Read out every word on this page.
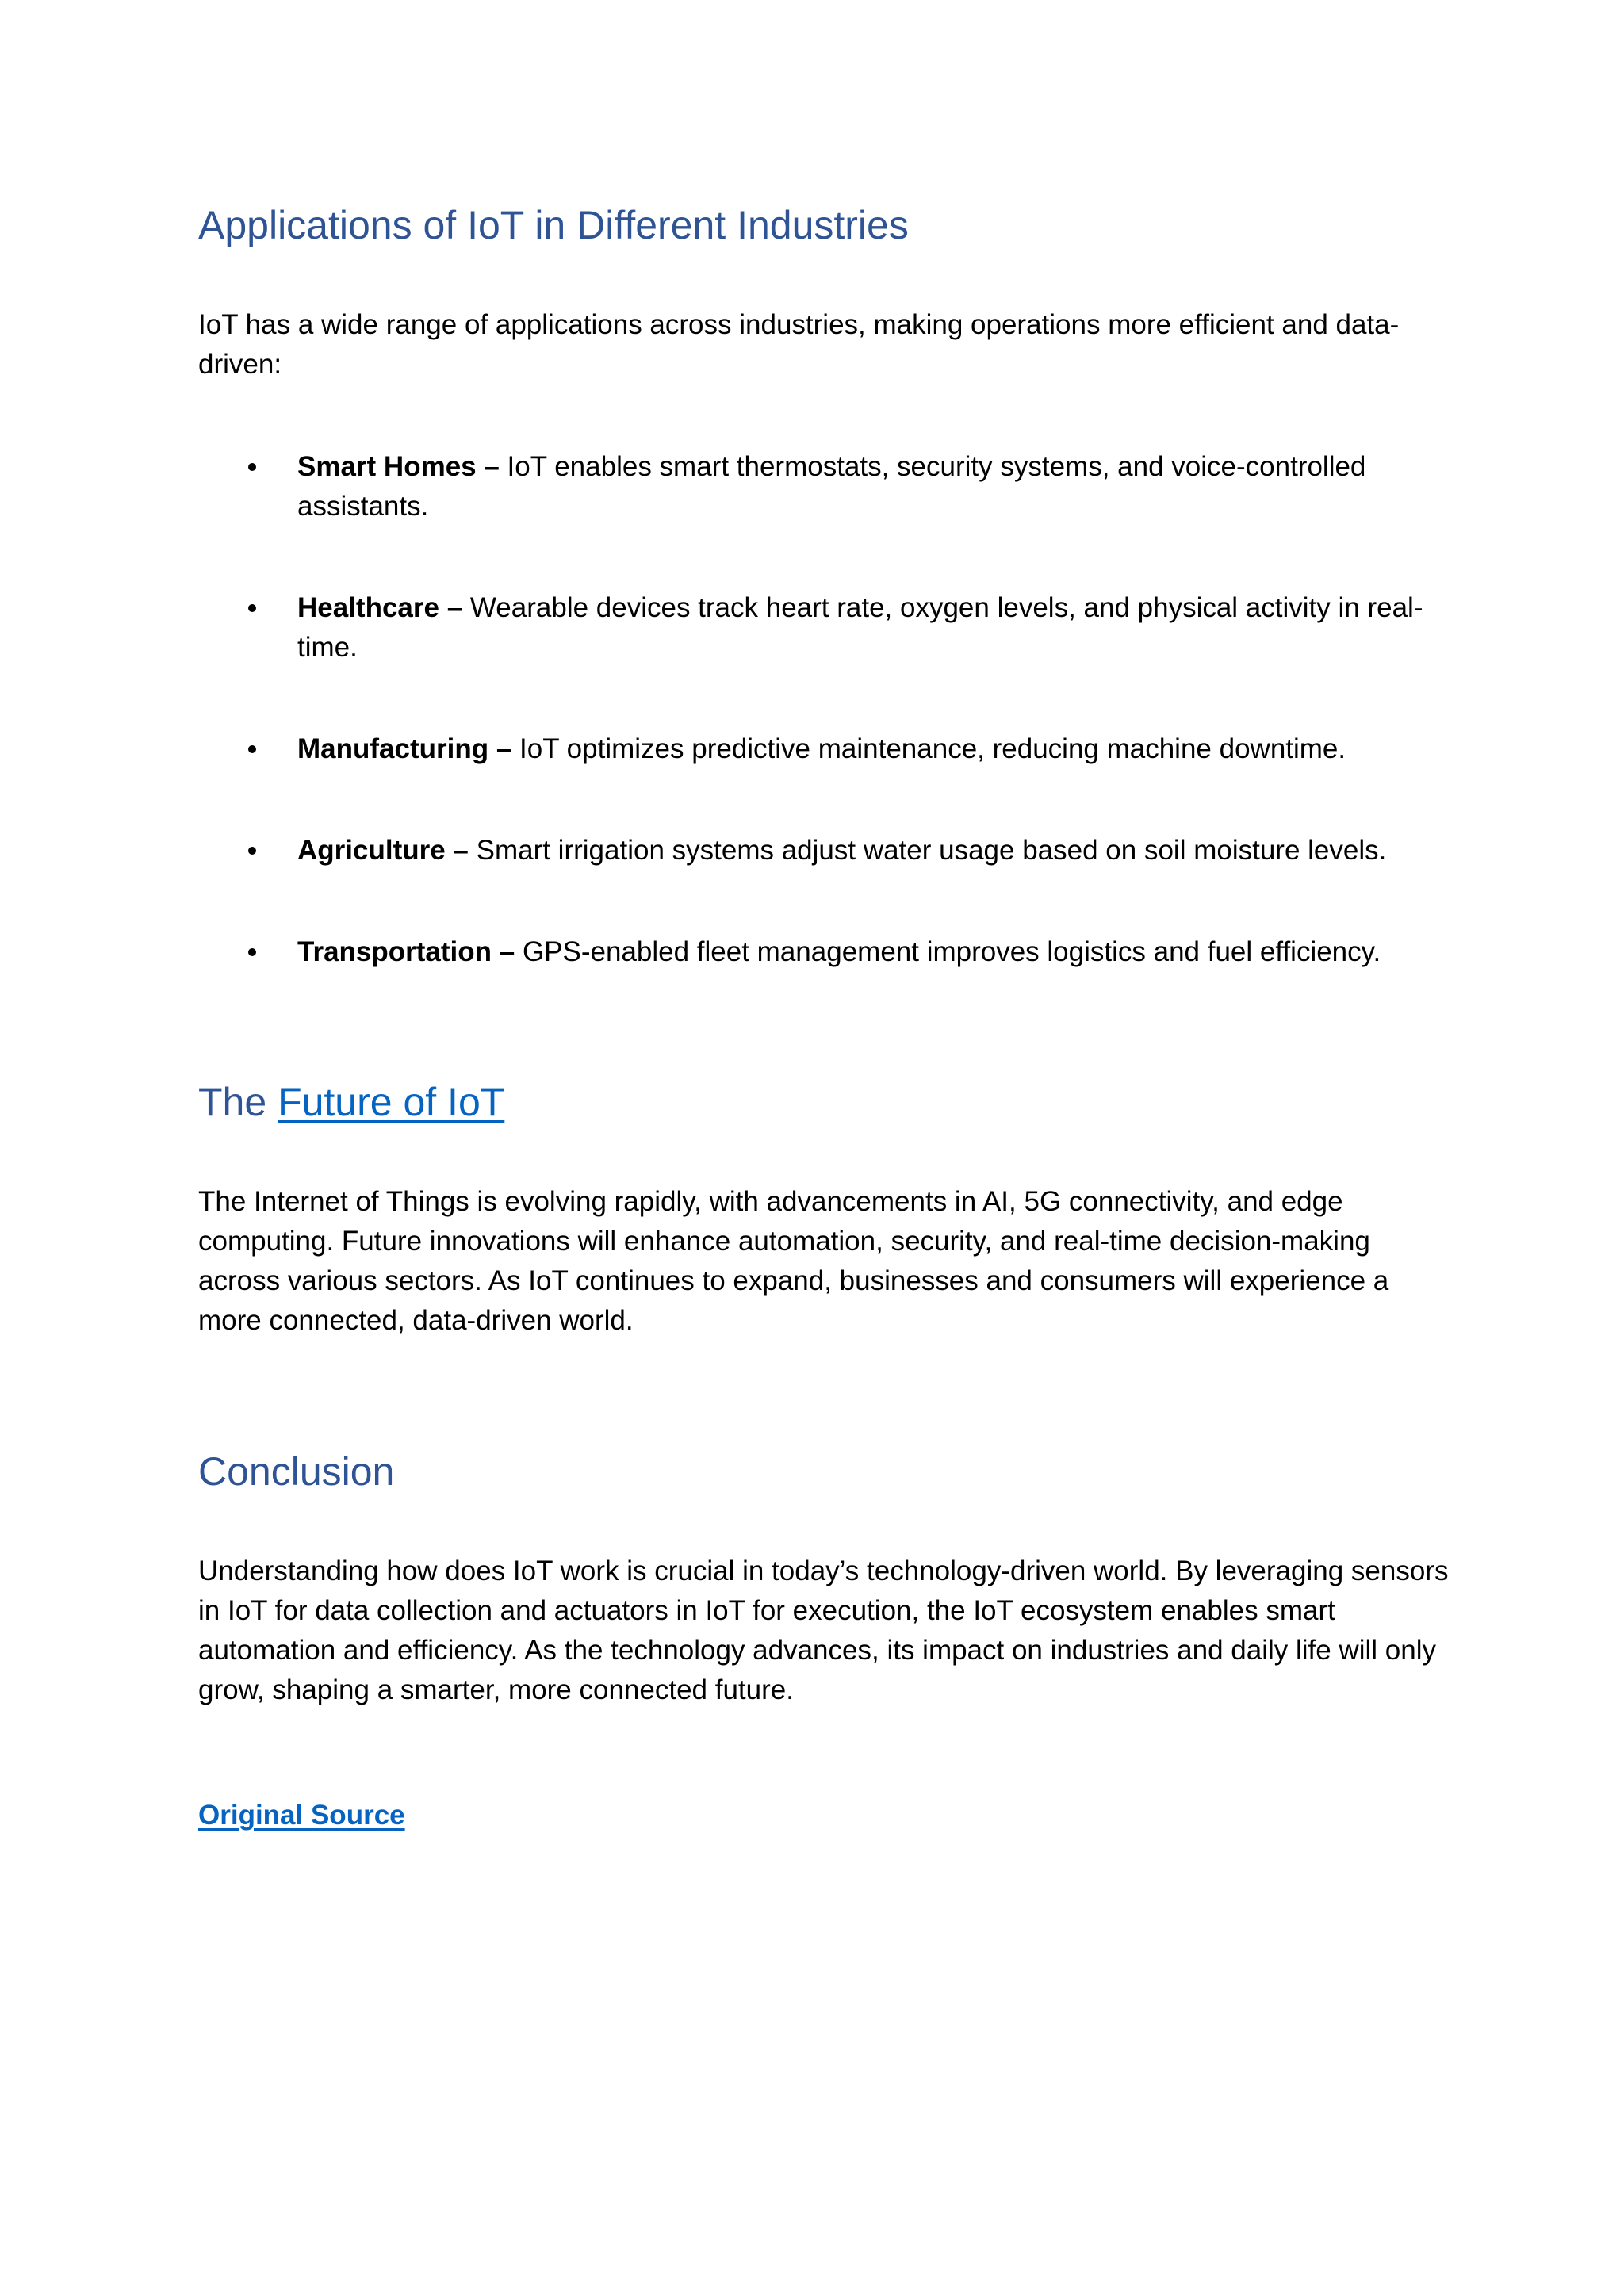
Applications of IoT in Different Industries

IoT has a wide range of applications across industries, making operations more efficient and data-driven:

Smart Homes – IoT enables smart thermostats, security systems, and voice-controlled assistants.
Healthcare – Wearable devices track heart rate, oxygen levels, and physical activity in real-time.
Manufacturing – IoT optimizes predictive maintenance, reducing machine downtime.
Agriculture – Smart irrigation systems adjust water usage based on soil moisture levels.
Transportation – GPS-enabled fleet management improves logistics and fuel efficiency.
The Future of IoT

The Internet of Things is evolving rapidly, with advancements in AI, 5G connectivity, and edge computing. Future innovations will enhance automation, security, and real-time decision-making across various sectors. As IoT continues to expand, businesses and consumers will experience a more connected, data-driven world.

Conclusion

Understanding how does IoT work is crucial in today’s technology-driven world. By leveraging sensors in IoT for data collection and actuators in IoT for execution, the IoT ecosystem enables smart automation and efficiency. As the technology advances, its impact on industries and daily life will only grow, shaping a smarter, more connected future.

Original Source
